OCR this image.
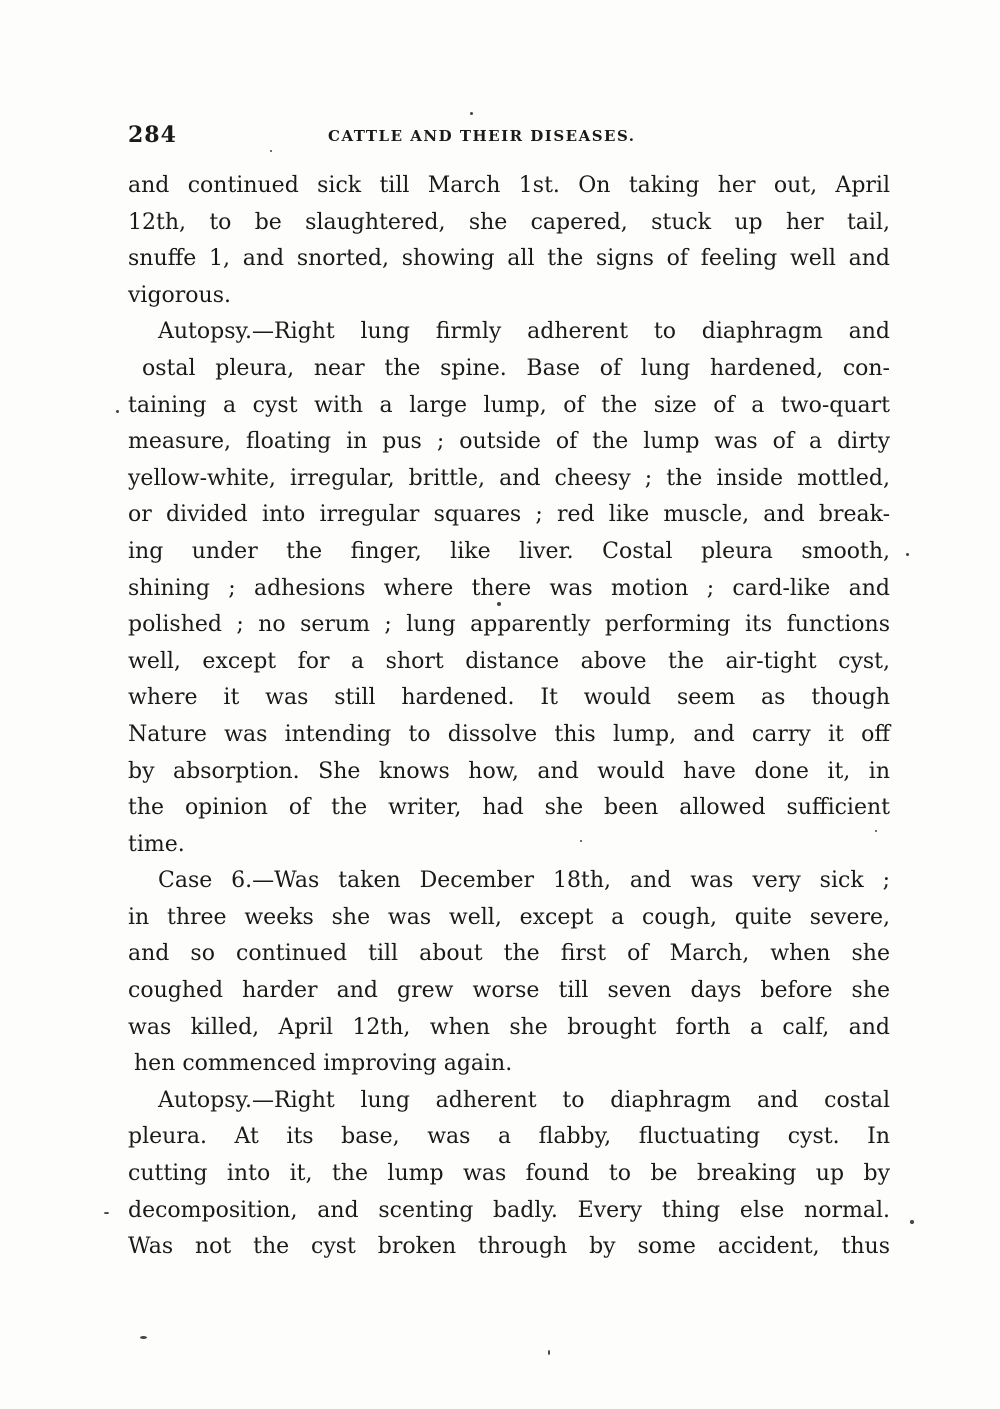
284	CATTLE AND THEIR DISEASES.
and continued sick till March 1st. On taking her out, April
12th, to be slaughtered, she capered, stuck up her tail,
snuffe 1, and snorted, showing all the signs of feeling well and
vigorous.
Autopsy.—Right lung firmly adherent to diaphragm and
ostal pleura, near the spine. Base of lung hardened, con-
taining a cyst with a large lump, of the size of a two-quart
measure, floating in pus ; outside of the lump was of a dirty
yellow-white, irregular, brittle, and cheesy ; the inside mottled,
or divided into irregular squares ; red like muscle, and break-
ing under the finger, like liver. Costal pleura smooth,
shining ; adhesions where there was motion ; card-like and
polished ; no serum ; lung apparently performing its functions
well, except for a short distance above the air-tight cyst,
where it was still hardened. It would seem as though
Nature was intending to dissolve this lump, and carry it off
by absorption. She knows how, and would have done it, in
the opinion of the writer, had she been allowed sufficient
time.
Case 6.—Was taken December 18th, and was very sick ;
in three weeks she was well, except a cough, quite severe,
and so continued till about the first of March, when she
coughed harder and grew worse till seven days before she
was killed, April 12th, when she brought forth a calf, and
hen commenced improving again.
Autopsy.—Right lung adherent to diaphragm and costal
pleura. At its base, was a flabby, fluctuating cyst. In
cutting into it, the lump was found to be breaking up by
decomposition, and scenting badly. Every thing else normal.
Was not the cyst broken through by some accident, thus
